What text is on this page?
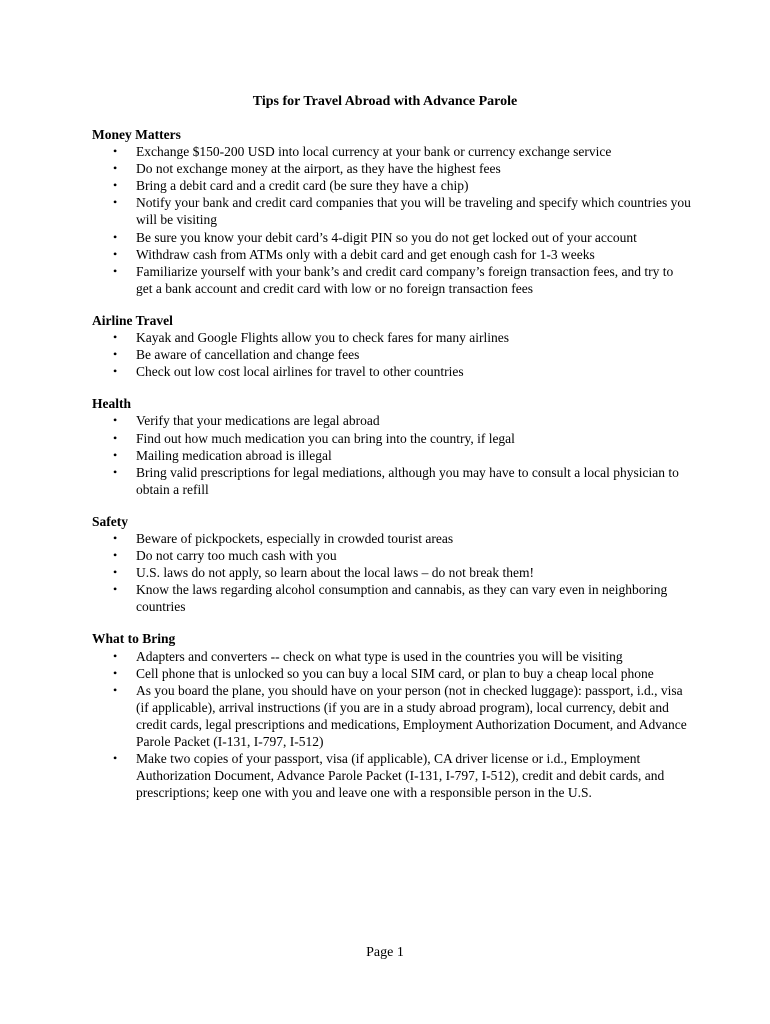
Tips for Travel Abroad with Advance Parole
Money Matters
• Exchange $150-200 USD into local currency at your bank or currency exchange service
• Do not exchange money at the airport, as they have the highest fees
• Bring a debit card and a credit card (be sure they have a chip)
• Notify your bank and credit card companies that you will be traveling and specify which countries you will be visiting
• Be sure you know your debit card’s 4-digit PIN so you do not get locked out of your account
• Withdraw cash from ATMs only with a debit card and get enough cash for 1-3 weeks
• Familiarize yourself with your bank’s and credit card company’s foreign transaction fees, and try to get a bank account and credit card with low or no foreign transaction fees
Airline Travel
• Kayak and Google Flights allow you to check fares for many airlines
• Be aware of cancellation and change fees
• Check out low cost local airlines for travel to other countries
Health
• Verify that your medications are legal abroad
• Find out how much medication you can bring into the country, if legal
• Mailing medication abroad is illegal
• Bring valid prescriptions for legal mediations, although you may have to consult a local physician to obtain a refill
Safety
• Beware of pickpockets, especially in crowded tourist areas
• Do not carry too much cash with you
• U.S. laws do not apply, so learn about the local laws – do not break them!
• Know the laws regarding alcohol consumption and cannabis, as they can vary even in neighboring countries
What to Bring
• Adapters and converters -- check on what type is used in the countries you will be visiting
• Cell phone that is unlocked so you can buy a local SIM card, or plan to buy a cheap local phone
• As you board the plane, you should have on your person (not in checked luggage): passport, i.d., visa (if applicable), arrival instructions (if you are in a study abroad program), local currency, debit and credit cards, legal prescriptions and medications, Employment Authorization Document, and Advance Parole Packet (I-131, I-797, I-512)
• Make two copies of your passport, visa (if applicable), CA driver license or i.d., Employment Authorization Document, Advance Parole Packet (I-131, I-797, I-512), credit and debit cards, and prescriptions; keep one with you and leave one with a responsible person in the U.S.
Page 1
